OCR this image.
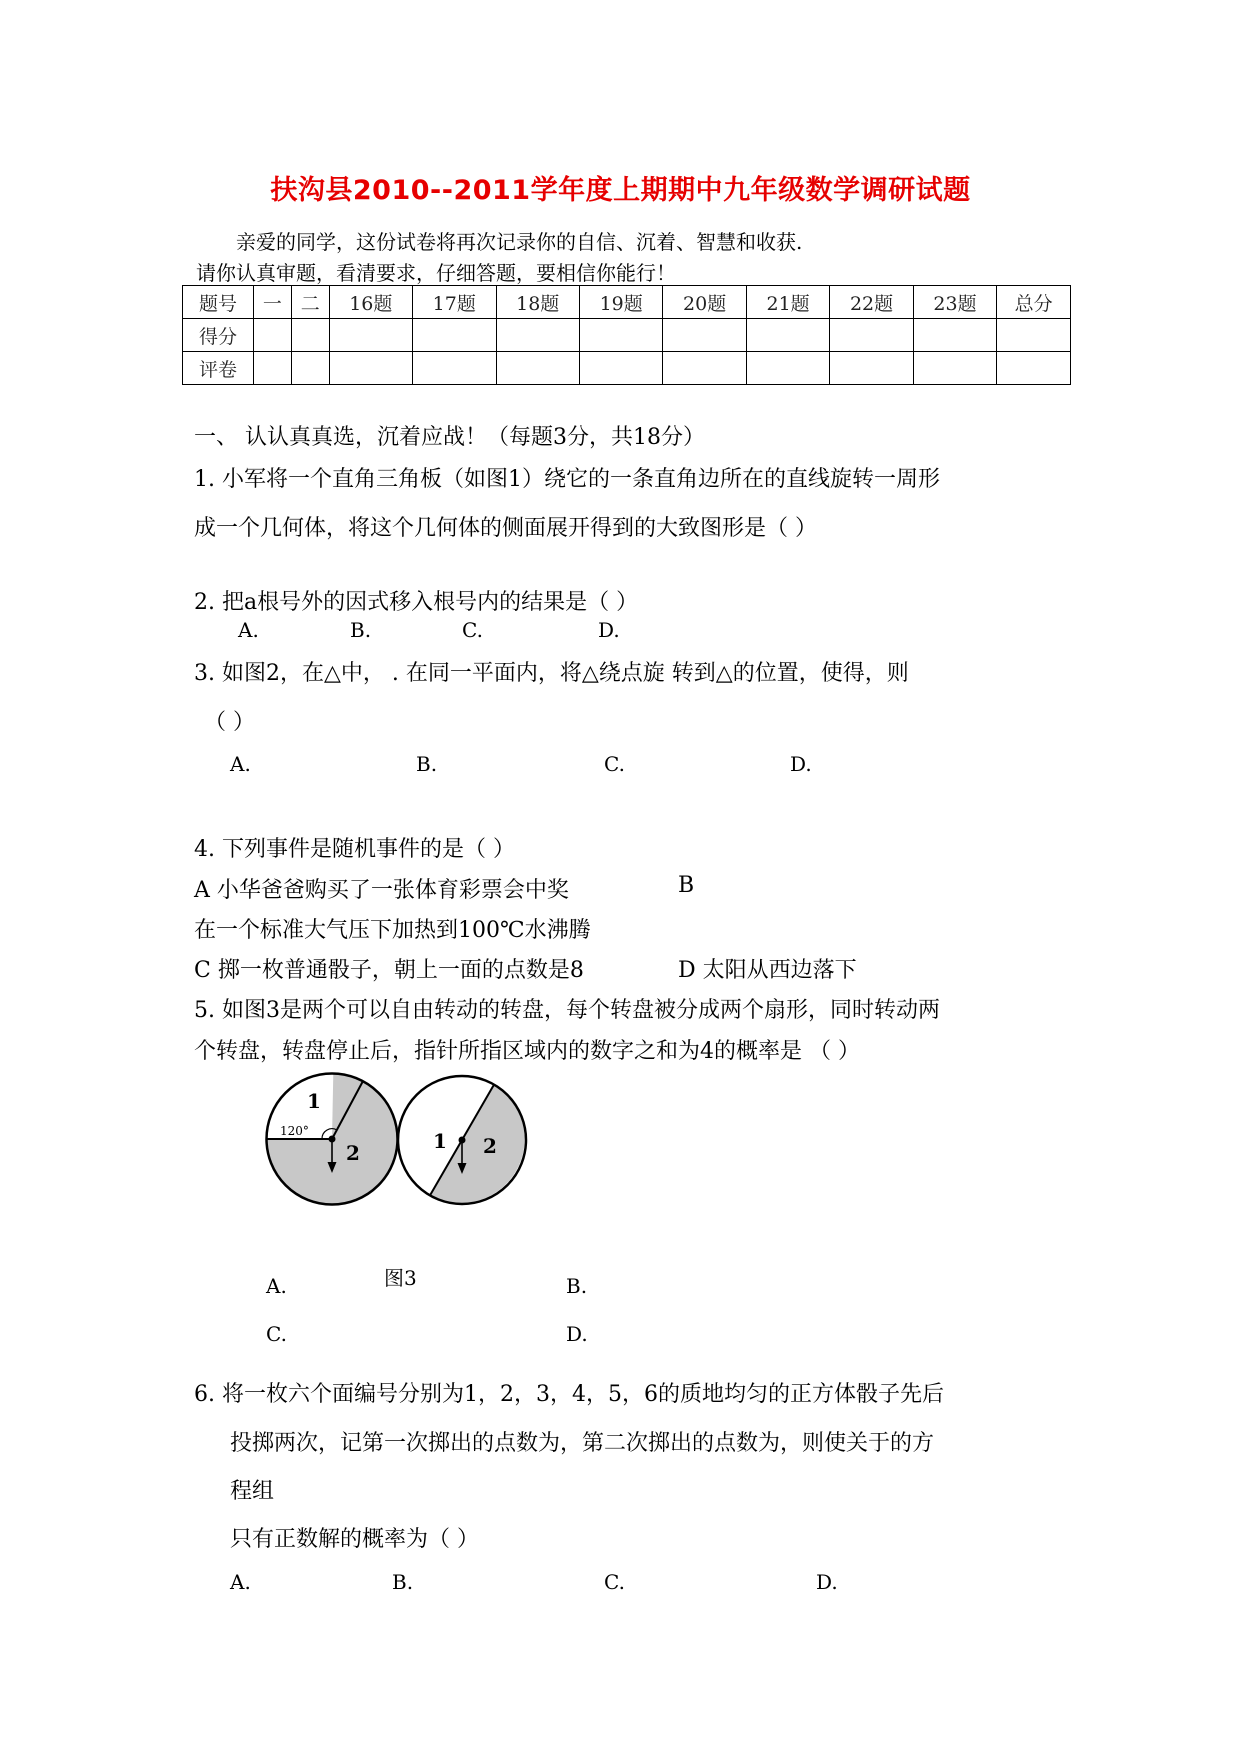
扶沟县2010--2011学年度上期期中九年级数学调研试题
亲爱的同学，这份试卷将再次记录你的自信、沉着、智慧和收获.
请你认真审题，看清要求，仔细答题，要相信你能行！
题号	一	二	16题	17题	18题	19题	20题	21题	22题	23题	总分
得分											
评卷											
一、 认认真真选，沉着应战！（每题3分，共18分）
1. 小军将一个直角三角板（如图1）绕它的一条直角边所在的直线旋转一周形
成一个几何体，将这个几何体的侧面展开得到的大致图形是（ ）
2. 把a根号外的因式移入根号内的结果是（ ）
A.	B.	C.	D.
3. 如图2，在△中， . 在同一平面内，将△绕点旋 转到△的位置，使得，则
（ ）
A.	B.	C.	D.
4. 下列事件是随机事件的是（ ）
A 小华爸爸购买了一张体育彩票会中奖	B
在一个标准大气压下加热到100℃水沸腾
C 掷一枚普通骰子，朝上一面的点数是8	D 太阳从西边落下
5. 如图3是两个可以自由转动的转盘，每个转盘被分成两个扇形，同时转动两
个转盘，转盘停止后，指针所指区域内的数字之和为4的概率是 （ ）
1
120°
2	1 2
图3
A.	B.
C.	D.
6. 将一枚六个面编号分别为1，2，3，4，5，6的质地均匀的正方体骰子先后
投掷两次，记第一次掷出的点数为，第二次掷出的点数为，则使关于的方
程组
只有正数解的概率为（ ）
A.	B.	C.	D.
